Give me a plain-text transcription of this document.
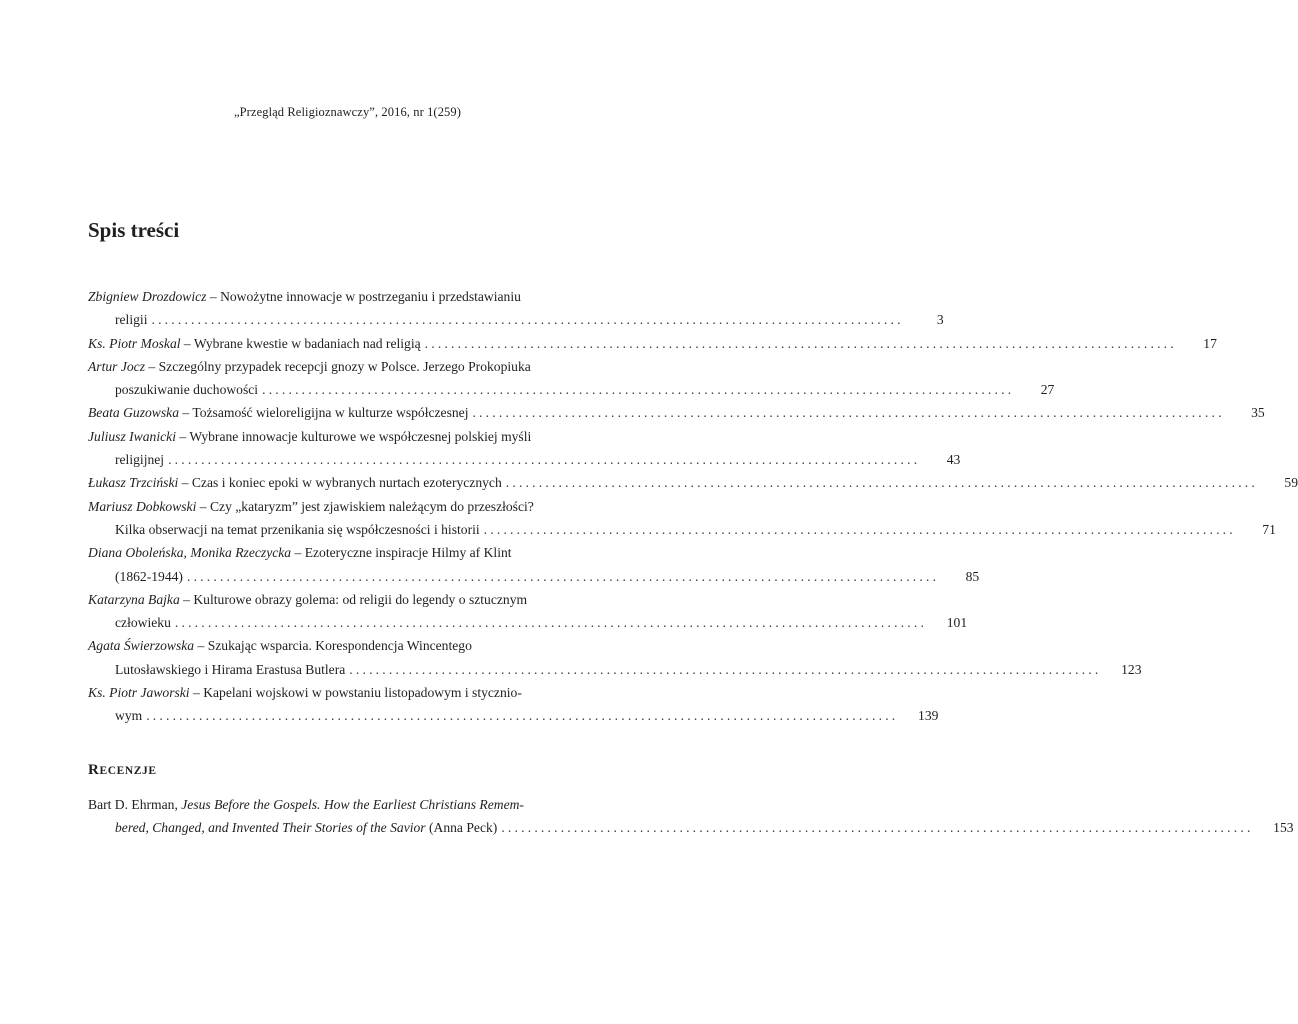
„Przegląd Religioznawczy”, 2016, nr 1(259)
Spis treści
Zbigniew Drozdowicz – Nowożytne innowacje w postrzeganiu i przedstawianiu
religii ..................................................................................................................	3
Ks. Piotr Moskal – Wybrane kwestie w badaniach nad religią ..................................................................................................................	17
Artur Jocz – Szczególny przypadek recepcji gnozy w Polsce. Jerzego Prokopiuka
poszukiwanie duchowości ..................................................................................................................	27
Beata Guzowska – Tożsamość wieloreligijna w kulturze współczesnej ..................................................................................................................	35
Juliusz Iwanicki – Wybrane innowacje kulturowe we współczesnej polskiej myśli
religijnej ..................................................................................................................	43
Łukasz Trzciński – Czas i koniec epoki w wybranych nurtach ezoterycznych ..................................................................................................................	59
Mariusz Dobkowski – Czy „kataryzm” jest zjawiskiem należącym do przeszłości?
Kilka obserwacji na temat przenikania się współczesności i historii ..................................................................................................................	71
Diana Oboleńska, Monika Rzeczycka – Ezoteryczne inspiracje Hilmy af Klint
(1862-1944) ..................................................................................................................	85
Katarzyna Bajka – Kulturowe obrazy golema: od religii do legendy o sztucznym
człowieku ..................................................................................................................	101
Agata Świerzowska – Szukając wsparcia. Korespondencja Wincentego
Lutosławskiego i Hirama Erastusa Butlera ..................................................................................................................	123
Ks. Piotr Jaworski – Kapelani wojskowi w powstaniu listopadowym i styczniо-
wym ..................................................................................................................	139
RECENZJE
Bart D. Ehrman, Jesus Before the Gospels. How the Earliest Christians Remem-
bered, Changed, and Invented Their Stories of the Savior (Anna Peck) ..................................................................................................................	153
